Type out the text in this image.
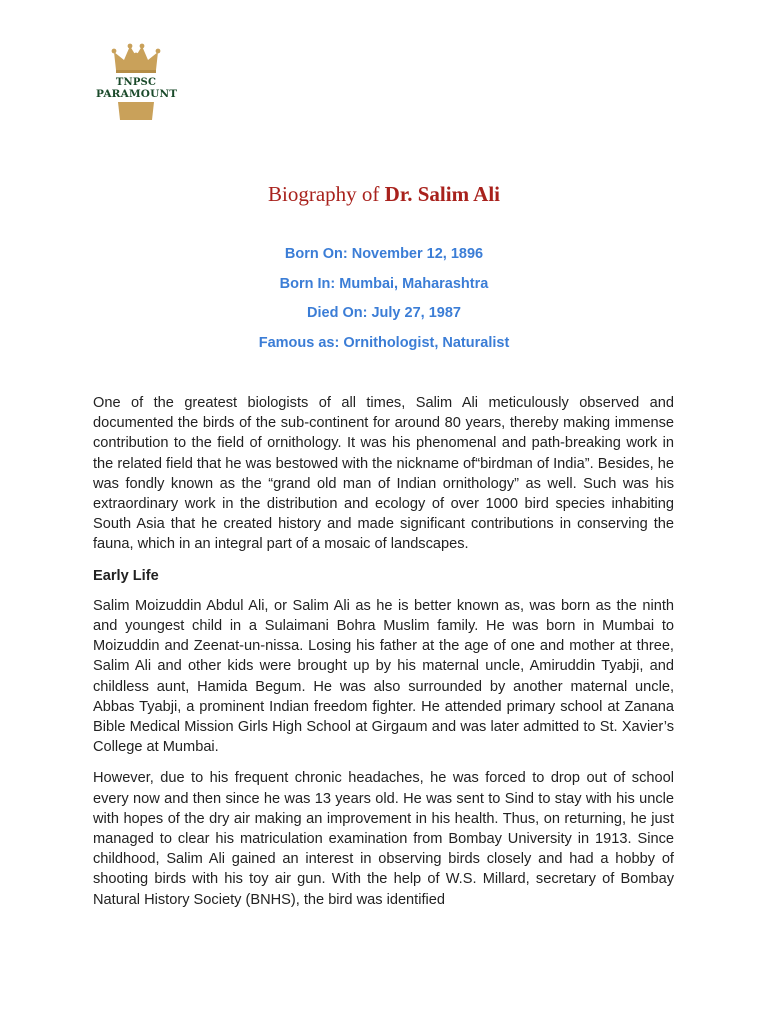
TNPSC
PARAMOUNT
Biography of Dr. Salim Ali
Born On: November 12, 1896
Born In: Mumbai, Maharashtra
Died On: July 27, 1987
Famous as: Ornithologist, Naturalist

One of the greatest biologists of all times, Salim Ali meticulously observed and documented the birds of the sub-continent for around 80 years, thereby making immense contribution to the field of ornithology. It was his phenomenal and path-breaking work in the related field that he was bestowed with the nickname of“birdman of India”. Besides, he was fondly known as the “grand old man of Indian ornithology” as well. Such was his extraordinary work in the distribution and ecology of over 1000 bird species inhabiting South Asia that he created history and made significant contributions in conserving the fauna, which in an integral part of a mosaic of landscapes.

Early Life

Salim Moizuddin Abdul Ali, or Salim Ali as he is better known as, was born as the ninth and youngest child in a Sulaimani Bohra Muslim family. He was born in Mumbai to Moizuddin and Zeenat-un-nissa. Losing his father at the age of one and mother at three, Salim Ali and other kids were brought up by his maternal uncle, Amiruddin Tyabji, and childless aunt, Hamida Begum. He was also surrounded by another maternal uncle, Abbas Tyabji, a prominent Indian freedom fighter. He attended primary school at Zanana Bible Medical Mission Girls High School at Girgaum and was later admitted to St. Xavier’s College at Mumbai.

However, due to his frequent chronic headaches, he was forced to drop out of school every now and then since he was 13 years old. He was sent to Sind to stay with his uncle with hopes of the dry air making an improvement in his health. Thus, on returning, he just managed to clear his matriculation examination from Bombay University in 1913. Since childhood, Salim Ali gained an interest in observing birds closely and had a hobby of shooting birds with his toy air gun. With the help of W.S. Millard, secretary of Bombay Natural History Society (BNHS), the bird was identified
